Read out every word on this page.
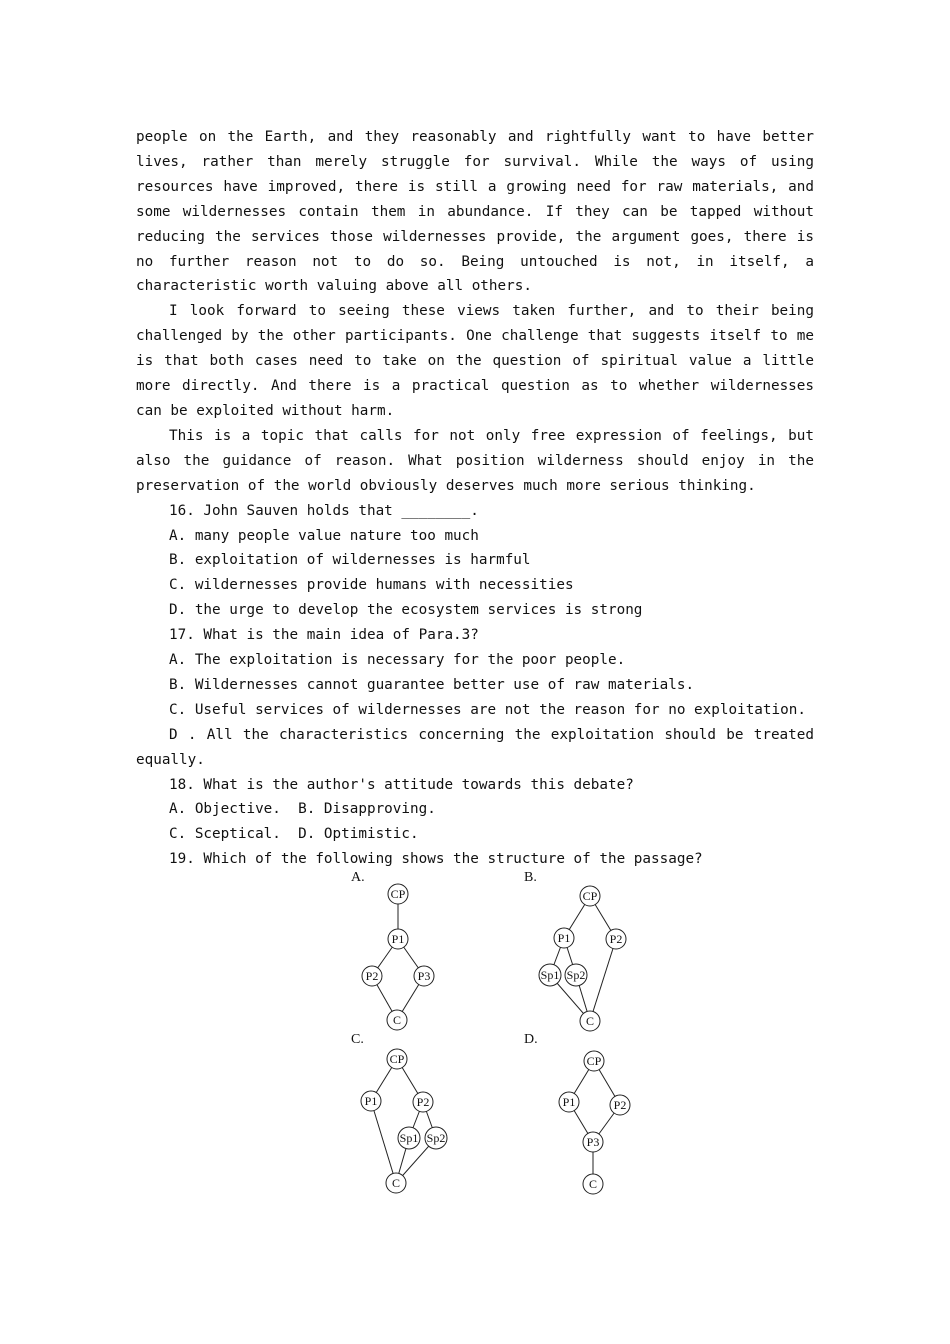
people on the Earth, and they reasonably and rightfully want to have better lives, rather than merely struggle for survival. While the ways of using resources have improved, there is still a growing need for raw materials, and some wildernesses contain them in abundance. If they can be tapped without reducing the services those wildernesses provide, the argument goes, there is no further reason not to do so. Being untouched is not, in itself, a characteristic worth valuing above all others.

I look forward to seeing these views taken further, and to their being challenged by the other participants. One challenge that suggests itself to me is that both cases need to take on the question of spiritual value a little more directly. And there is a practical question as to whether wildernesses can be exploited without harm.

This is a topic that calls for not only free expression of feelings, but also the guidance of reason. What position wilderness should enjoy in the preservation of the world obviously deserves much more serious thinking.

16. John Sauven holds that ________.

A. many people value nature too much

B. exploitation of wildernesses is harmful

C. wildernesses provide humans with necessities

D. the urge to develop the ecosystem services is strong

17. What is the main idea of Para.3?

A. The exploitation is necessary for the poor people.

B. Wildernesses cannot guarantee better use of raw materials.

C. Useful services of wildernesses are not the reason for no exploitation.

D . All the characteristics concerning the exploitation should be treated equally.

18. What is the author's attitude towards this debate?

A. Objective.  B. Disapproving.

C. Sceptical.  D. Optimistic.

19. Which of the following shows the structure of the passage?

A.	B.
C.	D.
CP
P1
P2	P3
C
CP
P1	P2
Sp1 Sp2
C
CP
P1	P2
Sp1 Sp2
C
CP
P1	P2
P3
C
